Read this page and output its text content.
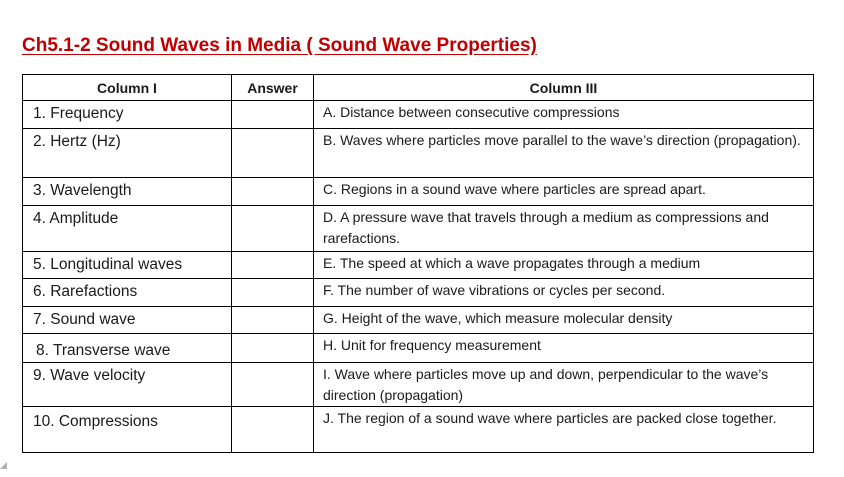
Ch5.1-2 Sound Waves in Media ( Sound Wave Properties)
Column I	Answer	Column III

1. Frequency		A. Distance between consecutive compressions

2. Hertz (Hz)		B. Waves where particles move parallel to the wave’s direction (propagation).

3. Wavelength		C. Regions in a sound wave where particles are spread apart.

4. Amplitude		D. A pressure wave that travels through a medium as compressions and rarefactions.

5. Longitudinal waves		E. The speed at which a wave propagates through a medium

6. Rarefactions		F. The number of wave vibrations or cycles per second.

7. Sound wave		G. Height of the wave, which measure molecular density

8. Transverse wave		H. Unit for frequency measurement

9. Wave velocity		I. Wave where particles move up and down, perpendicular to the wave’s direction (propagation)

10. Compressions		J. The region of a sound wave where particles are packed close together.
